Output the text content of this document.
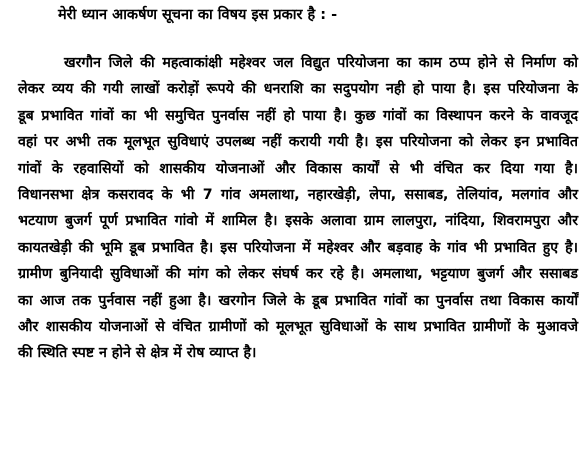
मेरी ध्यान आकर्षण सूचना का विषय इस प्रकार है : -
खरगौन जिले की महत्वाकांक्षी महेश्वर जल विद्युत परियोजना का काम ठप्प होने से निर्माण को
लेकर व्यय की गयी लाखों करोड़ों रूपये की धनराशि का सदुपयोग नही हो पाया है। इस परियोजना के
डूब प्रभावित गांवों का भी समुचित पुनर्वास नहीं हो पाया है। कुछ गांवों का विस्थापन करने के वावजूद
वहां पर अभी तक मूलभूत सुविधाएं उपलब्ध नहीं करायी गयी है। इस परियोजना को लेकर इन प्रभावित
गांवों के रहवासियों को शासकीय योजनाओं और विकास कार्यों से भी वंचित कर दिया गया है।
विधानसभा क्षेत्र कसरावद के भी 7 गांव अमलाथा, नहारखेड़ी, लेपा, ससाबड, तेलियांव, मलगांव और
भटयाण बुजर्ग पूर्ण प्रभावित गांवो में शामिल है। इसके अलावा ग्राम लालपुरा, नांदिया, शिवरामपुरा और
कायतखेड़ी की भूमि डूब प्रभावित है। इस परियोजना में महेश्वर और बड़वाह के गांव भी प्रभावित हुए है।
ग्रामीण बुनियादी सुविधाओं की मांग को लेकर संघर्ष कर रहे है। अमलाथा, भट्टयाण बुजर्ग और ससाबड
का आज तक पुर्नवास नहीं हुआ है। खरगोन जिले के डूब प्रभावित गांवों का पुनर्वास तथा विकास कार्यों
और शासकीय योजनाओं से वंचित ग्रामीणों को मूलभूत सुविधाओं के साथ प्रभावित ग्रामीणों के मुआवजे
की स्थिति स्पष्ट न होने से क्षेत्र में रोष व्याप्त है।
